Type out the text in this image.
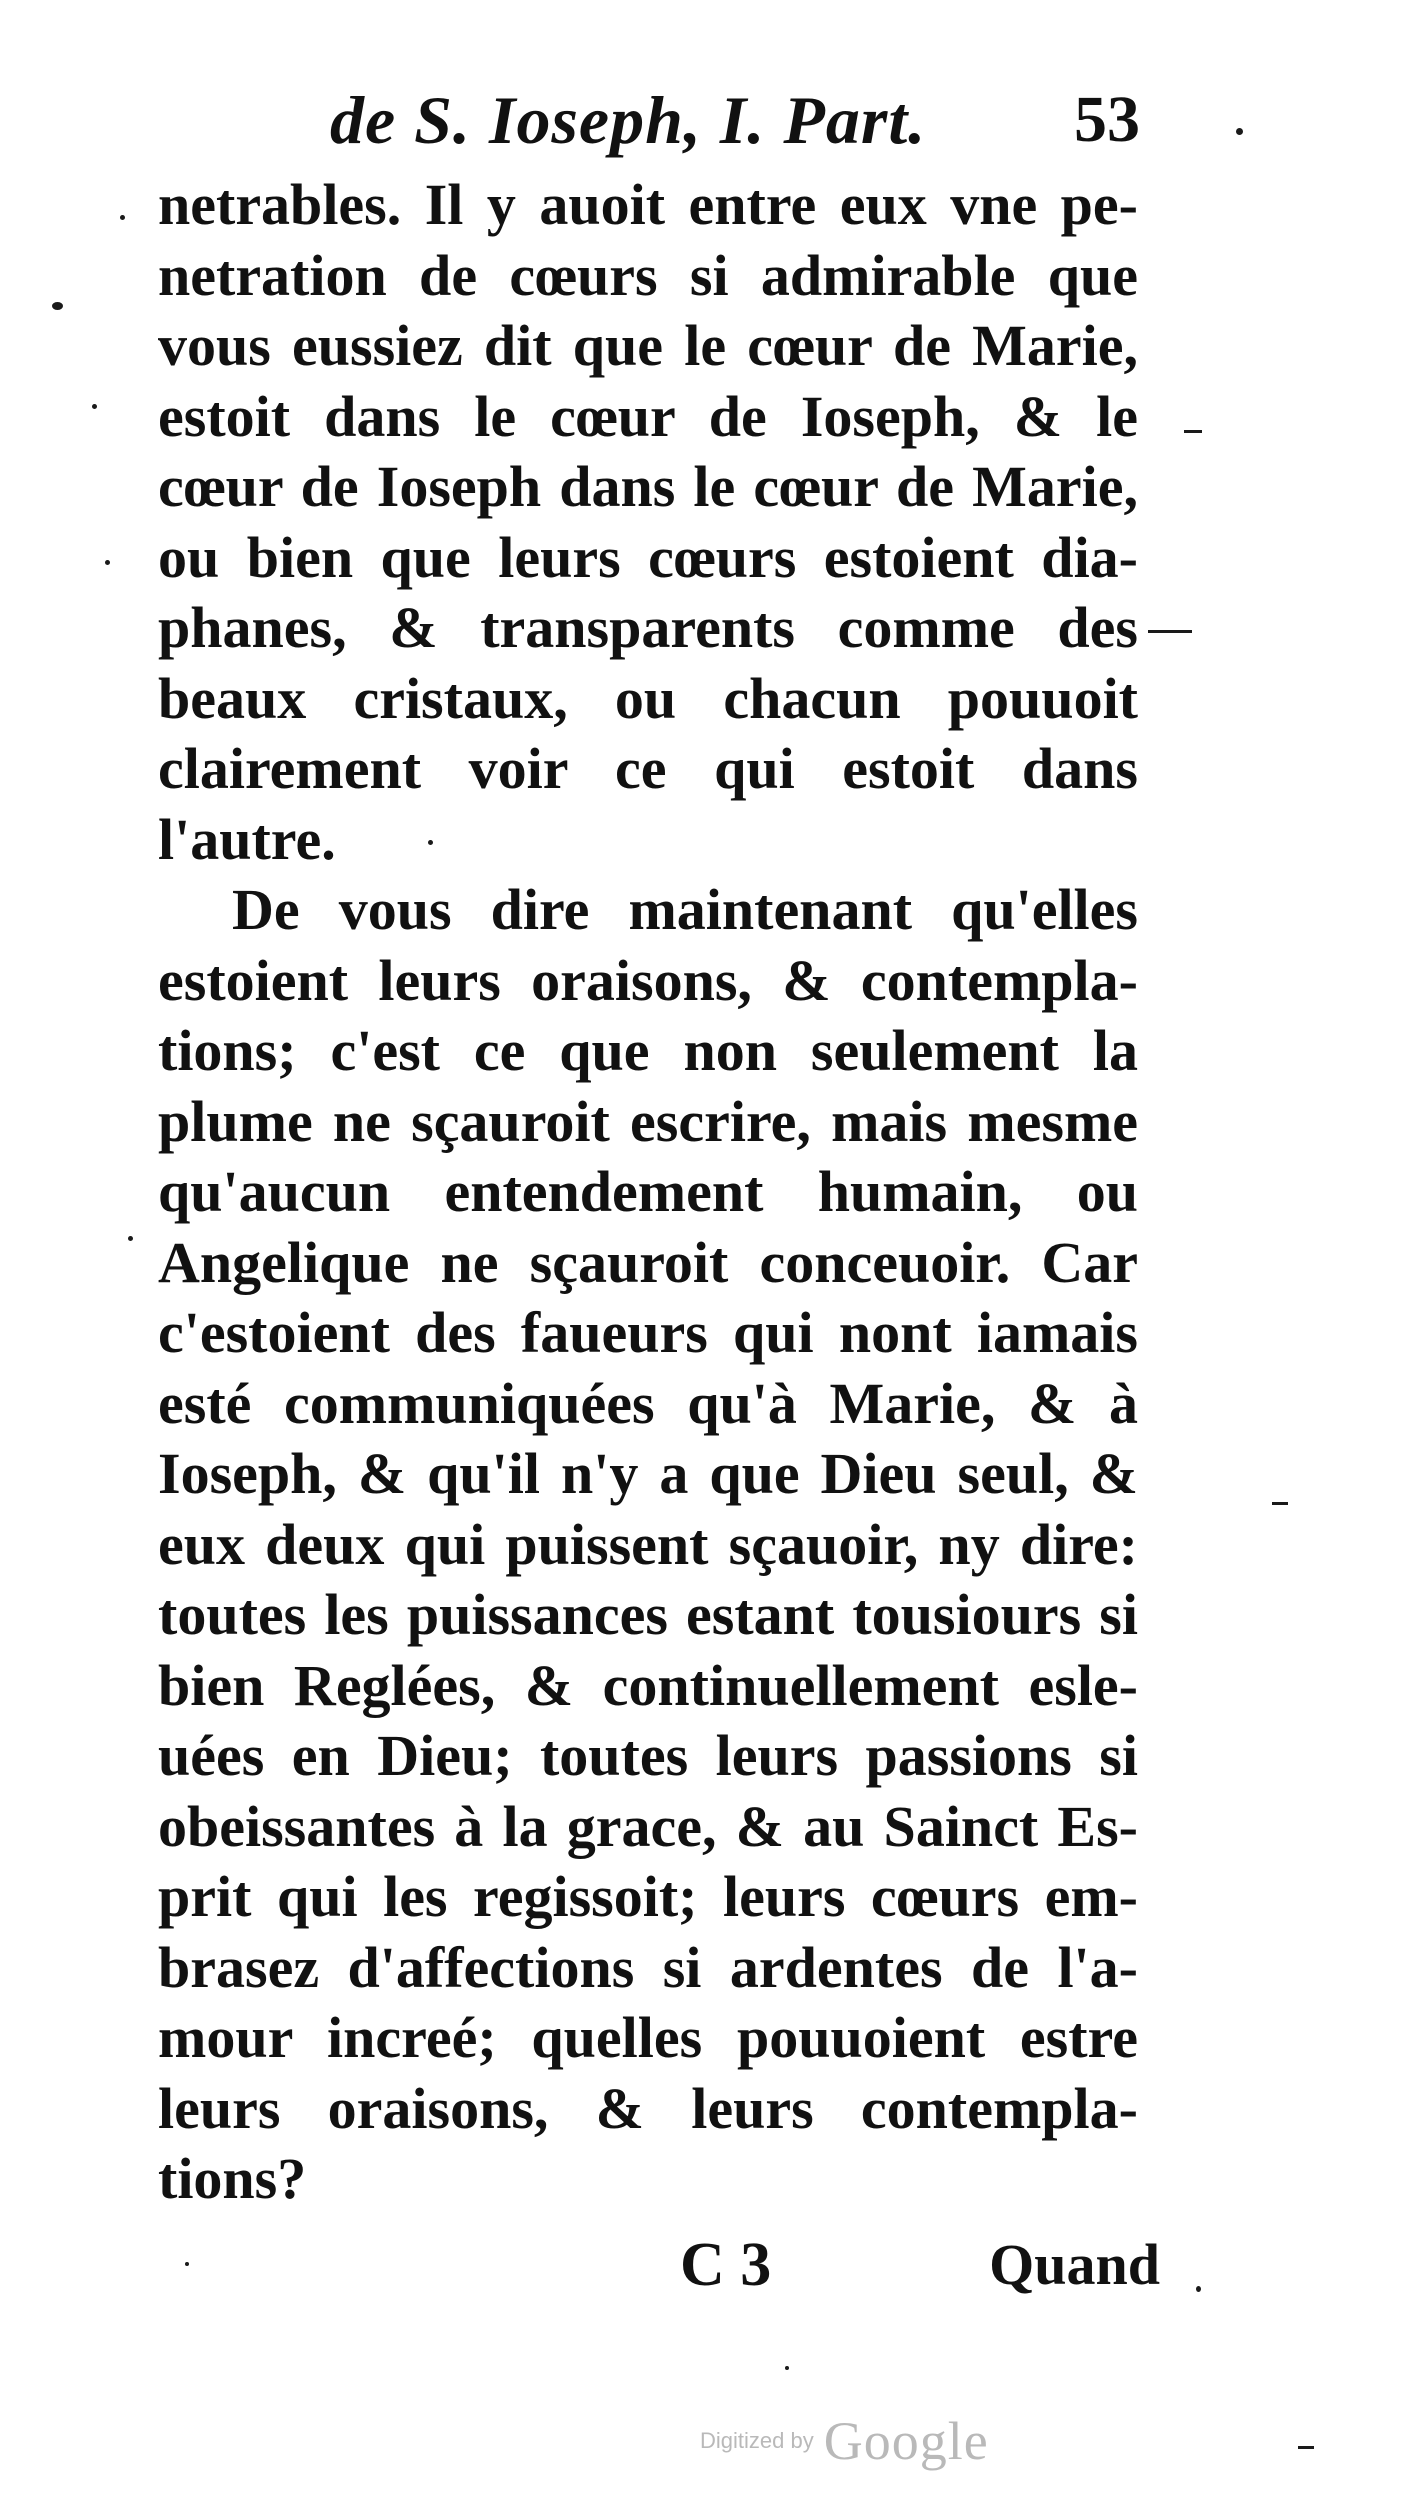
de S. Ioseph, I. Part. 53
netrables. Il y auoit entre eux vne pe-
netration de cœurs si admirable que
vous eussiez dit que le cœur de Marie,
estoit dans le cœur de Ioseph, & le
cœur de Ioseph dans le cœur de Marie,
ou bien que leurs cœurs estoient dia-
phanes, & transparents comme des
beaux cristaux, ou chacun pouuoit
clairement voir ce qui estoit dans
l'autre.
De vous dire maintenant qu'elles
estoient leurs oraisons, & contempla-
tions; c'est ce que non seulement la
plume ne sçauroit escrire, mais mesme
qu'aucun entendement humain, ou
Angelique ne sçauroit conceuoir. Car
c'estoient des faueurs qui nont iamais
esté communiquées qu'à Marie, & à
Ioseph, & qu'il n'y a que Dieu seul, &
eux deux qui puissent sçauoir, ny dire:
toutes les puissances estant tousiours si
bien Reglées, & continuellement esle-
uées en Dieu; toutes leurs passions si
obeissantes à la grace, & au Sainct Es-
prit qui les regissoit; leurs cœurs em-
brasez d'affections si ardentes de l'a-
mour increé; quelles pouuoient estre
leurs oraisons, & leurs contempla-
tions?
C 3	Quand
Digitized by Google
